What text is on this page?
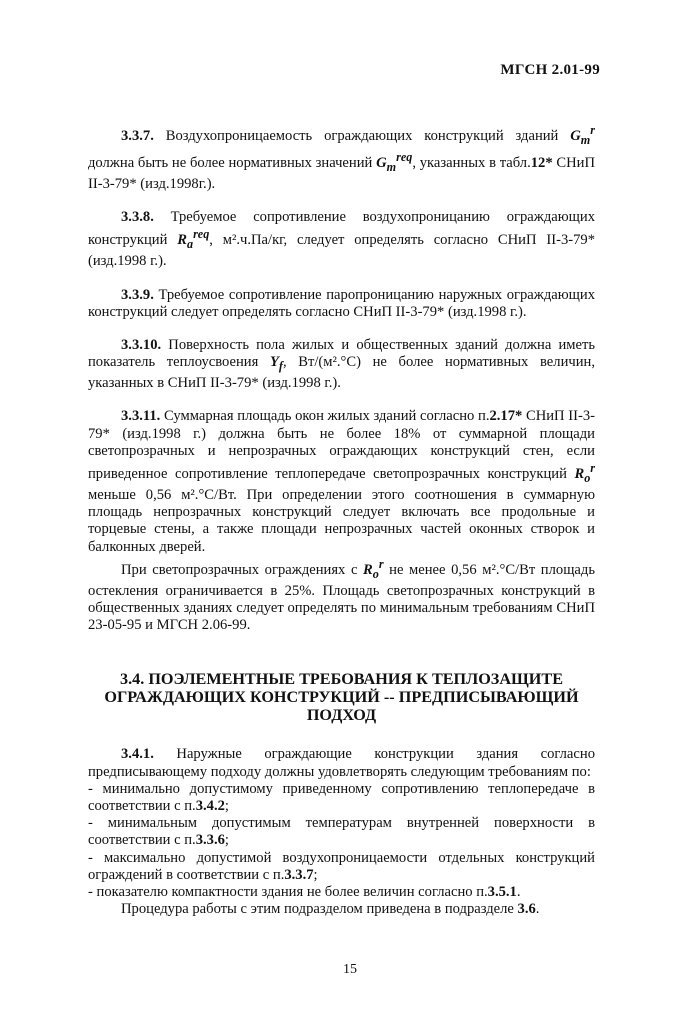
МГСН 2.01-99

3.3.7. Воздухопроницаемость ограждающих конструкций зданий $G_m^r$ должна быть не более нормативных значений $G_m^{req}$, указанных в табл.12* СНиП II-3-79* (изд.1998г.).

3.3.8. Требуемое сопротивление воздухопроницанию ограждающих конструкций $R_a^{req}$, м².ч.Па/кг, следует определять согласно СНиП II-3-79* (изд.1998 г.).

3.3.9. Требуемое сопротивление паропроницанию наружных ограждающих конструкций следует определять согласно СНиП II-3-79* (изд.1998 г.).

3.3.10. Поверхность пола жилых и общественных зданий должна иметь показатель теплоусвоения $Y_f$, Вт/(м².°С) не более нормативных величин, указанных в СНиП II-3-79* (изд.1998 г.).

3.3.11. Суммарная площадь окон жилых зданий согласно п.2.17* СНиП II-3-79* (изд.1998 г.) должна быть не более 18% от суммарной площади светопрозрачных и непрозрачных ограждающих конструкций стен, если приведенное сопротивление теплопередаче светопрозрачных конструкций $R_o^r$ меньше 0,56 м².°С/Вт. При определении этого соотношения в суммарную площадь непрозрачных конструкций следует включать все продольные и торцевые стены, а также площади непрозрачных частей оконных створок и балконных дверей.

При светопрозрачных ограждениях с $R_o^r$ не менее 0,56 м².°С/Вт площадь остекления ограничивается в 25%. Площадь светопрозрачных конструкций в общественных зданиях следует определять по минимальным требованиям СНиП 23-05-95 и МГСН 2.06-99.

3.4. ПОЭЛЕМЕНТНЫЕ ТРЕБОВАНИЯ К ТЕПЛОЗАЩИТЕ ОГРАЖДАЮЩИХ КОНСТРУКЦИЙ -- ПРЕДПИСЫВАЮЩИЙ ПОДХОД

3.4.1. Наружные ограждающие конструкции здания согласно предписывающему подходу должны удовлетворять следующим требованиям по:

- минимально допустимому приведенному сопротивлению теплопередаче в соответствии с п.3.4.2;

- минимальным допустимым температурам внутренней поверхности в соответствии с п.3.3.6;

- максимально допустимой воздухопроницаемости отдельных конструкций ограждений в соответствии с п.3.3.7;

- показателю компактности здания не более величин согласно п.3.5.1.

Процедура работы с этим подразделом приведена в подразделе 3.6.

15
